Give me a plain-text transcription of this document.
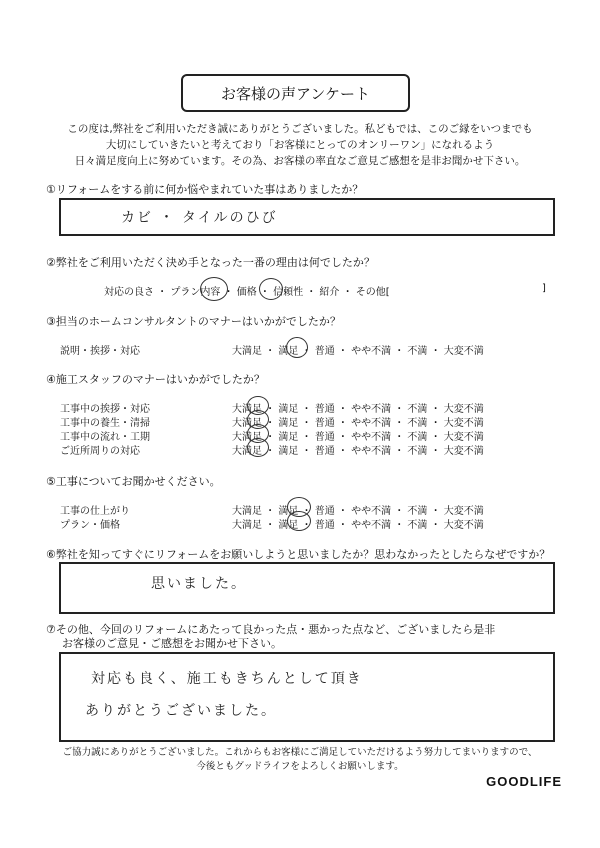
お客様の声アンケート
この度は,弊社をご利用いただき誠にありがとうございました。私どもでは、このご縁をいつまでも
大切にしていきたいと考えており「お客様にとってのオンリーワン」になれるよう
日々満足度向上に努めています。その為、お客様の率直なご意見ご感想を是非お聞かせ下さい。
①リフォームをする前に何か悩やまれていた事はありましたか？
カビ ・ タイルのひび
②弊社をご利用いただく決め手となった一番の理由は何でしたか？
対応の良さ ・ プラン内容 ・ 価格 ・ 信頼性 ・ 紹介 ・ その他[	]
③担当のホームコンサルタントのマナーはいかがでしたか？
説明・挨拶・対応	大満足 ・ 満足 ・ 普通 ・ やや不満 ・ 不満 ・ 大変不満
④施工スタッフのマナーはいかがでしたか？
工事中の挨拶・対応	大満足 ・ 満足 ・ 普通 ・ やや不満 ・ 不満 ・ 大変不満
工事中の養生・清掃	大満足 ・ 満足 ・ 普通 ・ やや不満 ・ 不満 ・ 大変不満
工事中の流れ・工期	大満足 ・ 満足 ・ 普通 ・ やや不満 ・ 不満 ・ 大変不満
ご近所周りの対応	大満足 ・ 満足 ・ 普通 ・ やや不満 ・ 不満 ・ 大変不満
⑤工事についてお聞かせください。
工事の仕上がり	大満足 ・ 満足 ・ 普通 ・ やや不満 ・ 不満 ・ 大変不満
プラン・価格	大満足 ・ 満足 ・ 普通 ・ やや不満 ・ 不満 ・ 大変不満
⑥弊社を知ってすぐにリフォームをお願いしようと思いましたか？思わなかったとしたらなぜですか？
思いました。
⑦その他、今回のリフォームにあたって良かった点・悪かった点など、ございましたら是非
お客様のご意見・ご感想をお聞かせ下さい。
対応も良く、施工もきちんとして頂き
ありがとうございました。
ご協力誠にありがとうございました。これからもお客様にご満足していただけるよう努力してまいりますので、
今後ともグッドライフをよろしくお願いします。
GOODLIFE
